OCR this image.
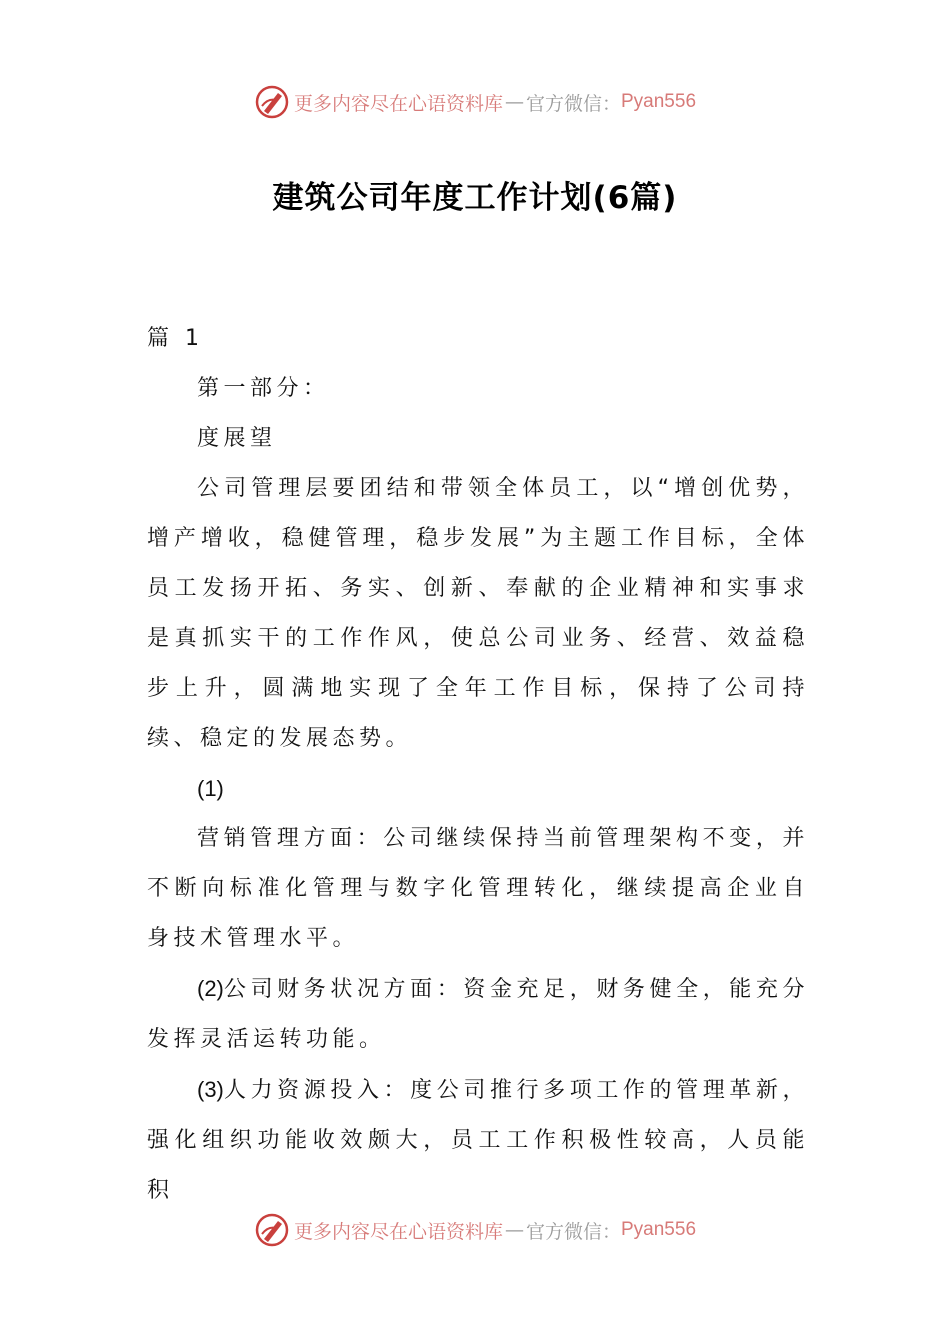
更多内容尽在心语资料库 — 官方微信： Pyan556
建筑公司年度工作计划(6篇)

篇 1

第一部分：

度展望

公司管理层要团结和带领全体员工，以“增创优势，增产增收，稳健管理，稳步发展”为主题工作目标，全体员工发扬开拓、务实、创新、奉献的企业精神和实事求是真抓实干的工作作风，使总公司业务、经营、效益稳步上升，圆满地实现了全年工作目标，保持了公司持续、稳定的发展态势。

(1)

营销管理方面：公司继续保持当前管理架构不变，并不断向标准化管理与数字化管理转化，继续提高企业自身技术管理水平。

(2)公司财务状况方面：资金充足，财务健全，能充分发挥灵活运转功能。

(3)人力资源投入：度公司推行多项工作的管理革新，强化组织功能收效颇大，员工工作积极性较高，人员能积

更多内容尽在心语资料库 — 官方微信： Pyan556
